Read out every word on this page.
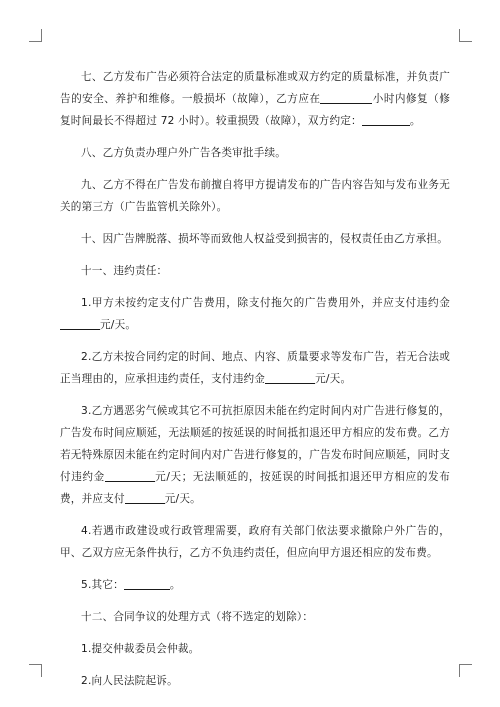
七、乙方发布广告必须符合法定的质量标准或双方约定的质量标准，并负责广告的安全、养护和维修。一般损坏（故障），乙方应在	小时内修复（修复时间最长不得超过 72 小时）。较重损毁（故障），双方约定：	。

八、乙方负责办理户外广告各类审批手续。

九、乙方不得在广告发布前擅自将甲方提请发布的广告内容告知与发布业务无关的第三方（广告监管机关除外）。

十、因广告牌脱落、损坏等而致他人权益受到损害的，侵权责任由乙方承担。

十一、违约责任：

1.甲方未按约定支付广告费用，除支付拖欠的广告费用外，并应支付违约金元/天。

2.乙方未按合同约定的时间、地点、内容、质量要求等发布广告，若无合法或正当理由的，应承担违约责任，支付违约金	元/天。

3.乙方遇恶劣气候或其它不可抗拒原因未能在约定时间内对广告进行修复的，广告发布时间应顺延，无法顺延的按延误的时间抵扣退还甲方相应的发布费。乙方若无特殊原因未能在约定时间内对广告进行修复的，广告发布时间应顺延，同时支付违约金	元/天；无法顺延的，按延误的时间抵扣退还甲方相应的发布费，并应支付	元/天。

4.若遇市政建设或行政管理需要，政府有关部门依法要求撤除户外广告的，甲、乙双方应无条件执行，乙方不负违约责任，但应向甲方退还相应的发布费。

5.其它：	。

十二、合同争议的处理方式（将不选定的划除）：

1.提交仲裁委员会仲裁。

2.向人民法院起诉。
